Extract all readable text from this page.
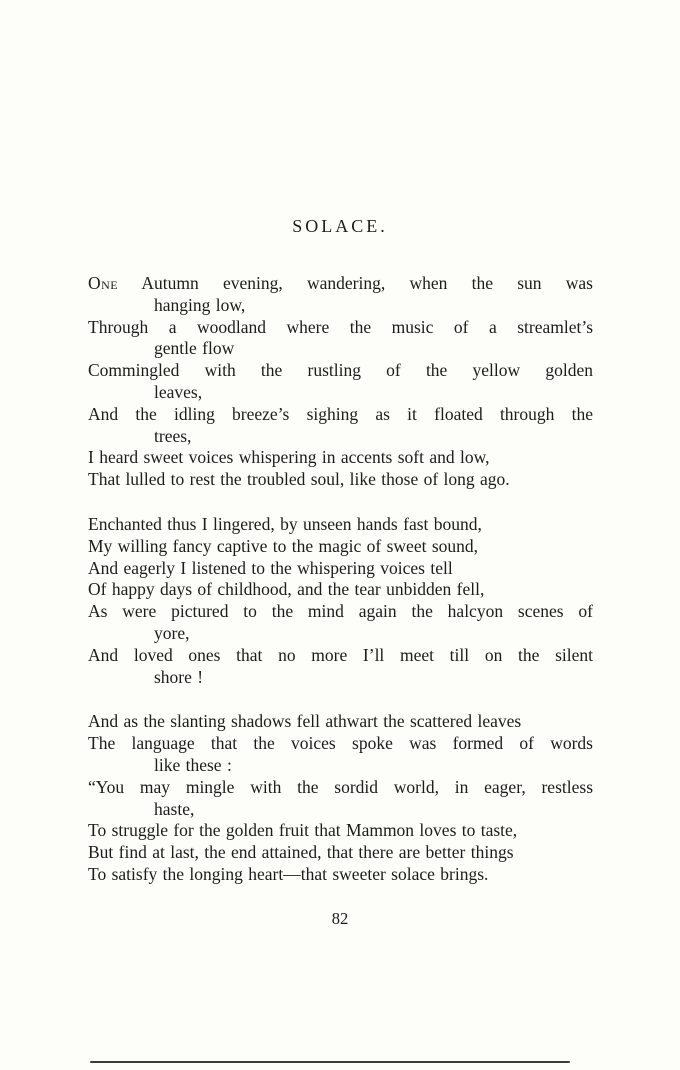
SOLACE.
One Autumn evening, wandering, when the sun was
hanging low,
Through a woodland where the music of a streamlet’s
gentle flow
Commingled with the rustling of the yellow golden
leaves,
And the idling breeze’s sighing as it floated through the
trees,
I heard sweet voices whispering in accents soft and low,
That lulled to rest the troubled soul, like those of long ago.
Enchanted thus I lingered, by unseen hands fast bound,
My willing fancy captive to the magic of sweet sound,
And eagerly I listened to the whispering voices tell
Of happy days of childhood, and the tear unbidden fell,
As were pictured to the mind again the halcyon scenes of
yore,
And loved ones that no more I’ll meet till on the silent
shore !
And as the slanting shadows fell athwart the scattered leaves
The language that the voices spoke was formed of words
like these :
“You may mingle with the sordid world, in eager, restless
haste,
To struggle for the golden fruit that Mammon loves to taste,
But find at last, the end attained, that there are better things
To satisfy the longing heart—that sweeter solace brings.
82
